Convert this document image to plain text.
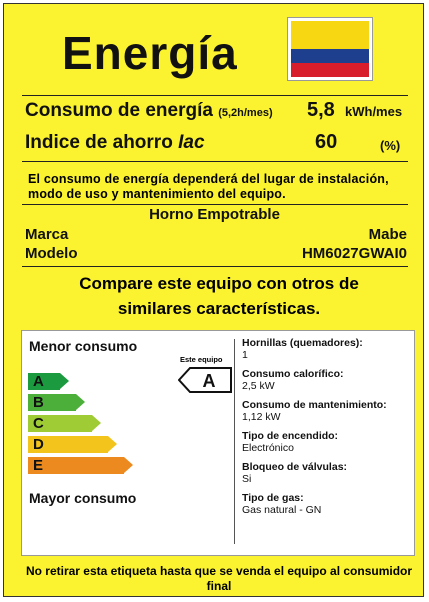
Energía
Consumo de energía (5,2h/mes) 5,8 kWh/mes
Indice de ahorro Iac	60	(%)
El consumo de energía dependerá del lugar de instalación, modo de uso y mantenimiento del equipo.
Horno Empotrable
Marca	Mabe
Modelo	HM6027GWAI0
Compare este equipo con otros de
similares características.
Menor consumo
A
B
C
D
E
Mayor consumo
Este equipo
A
Hornillas (quemadores):
1
Consumo calorífico:
2,5 kW
Consumo de mantenimiento:
1,12 kW
Tipo de encendido:
Electrónico
Bloqueo de válvulas:
Si
Tipo de gas:
Gas natural - GN
No retirar esta etiqueta hasta que se venda el equipo al consumidor final
